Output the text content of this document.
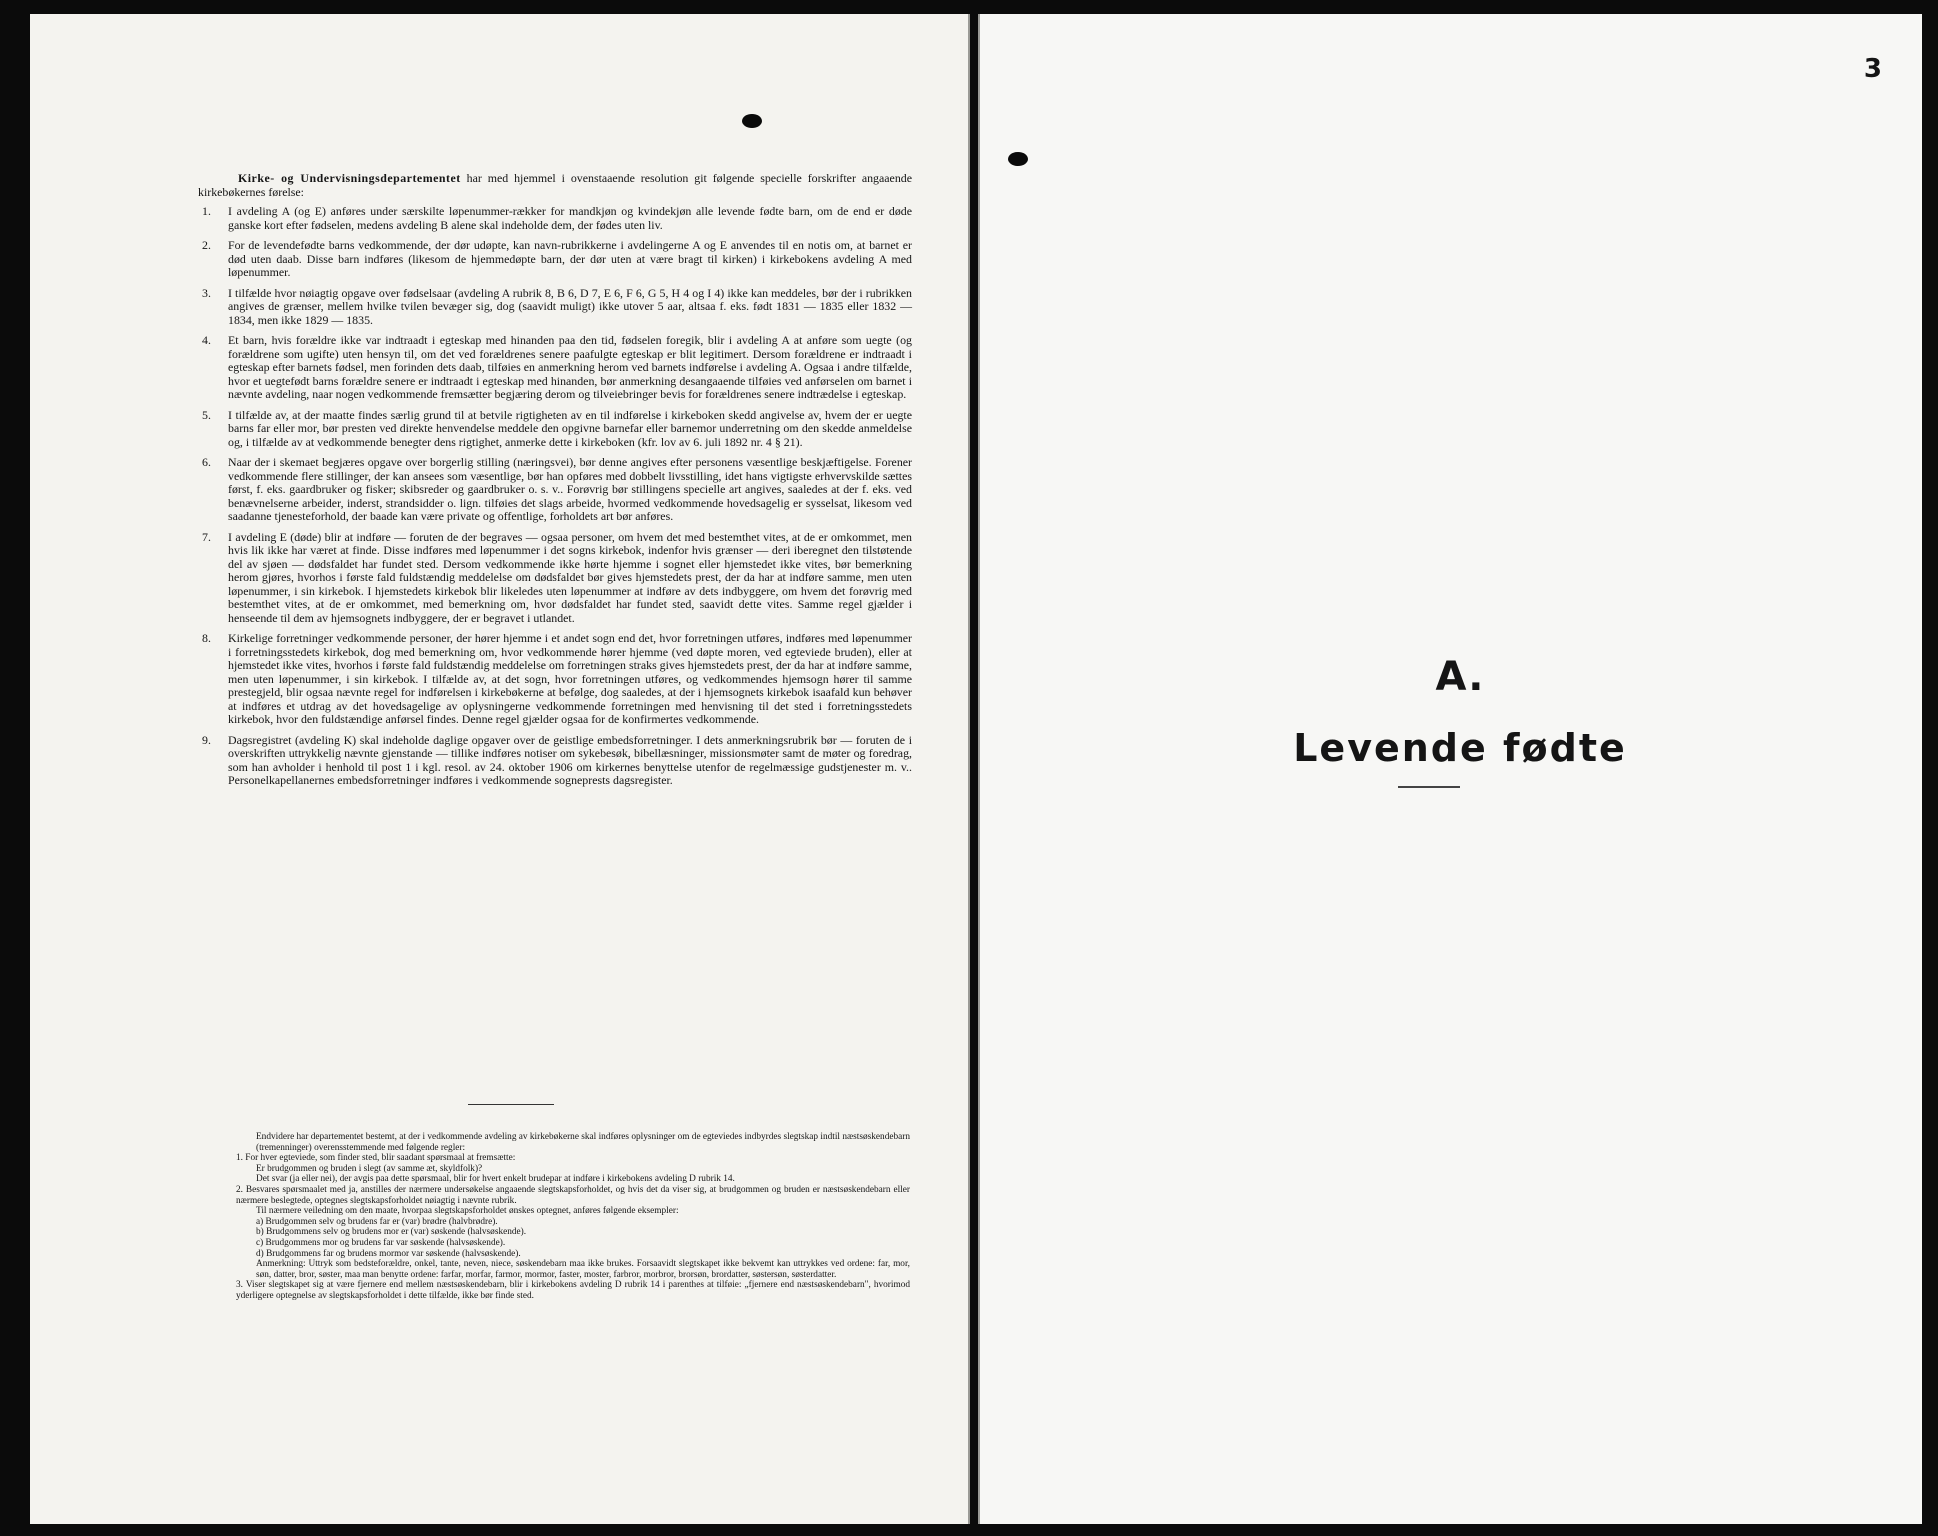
Kirke- og Undervisningsdepartementet har med hjemmel i ovenstaaende resolution git følgende specielle forskrifter angaaende kirkebøkernes førelse:

1.	I avdeling A (og E) anføres under særskilte løpenummer-rækker for mandkjøn og kvindekjøn alle levende fødte barn, om de end er døde ganske kort efter fødselen, medens avdeling B alene skal indeholde dem, der fødes uten liv.
2.	For de levendefødte barns vedkommende, der dør udøpte, kan navn-rubrikkerne i avdelingerne A og E anvendes til en notis om, at barnet er død uten daab. Disse barn indføres (likesom de hjemmedøpte barn, der dør uten at være bragt til kirken) i kirkebokens avdeling A med løpenummer.
3.	I tilfælde hvor nøiagtig opgave over fødselsaar (avdeling A rubrik 8, B 6, D 7, E 6, F 6, G 5, H 4 og I 4) ikke kan meddeles, bør der i rubrikken angives de grænser, mellem hvilke tvilen bevæger sig, dog (saavidt muligt) ikke utover 5 aar, altsaa f. eks. født 1831 — 1835 eller 1832 — 1834, men ikke 1829 — 1835.
4.	Et barn, hvis forældre ikke var indtraadt i egteskap med hinanden paa den tid, fødselen foregik, blir i avdeling A at anføre som uegte (og forældrene som ugifte) uten hensyn til, om det ved forældrenes senere paafulgte egteskap er blit legitimert. Dersom forældrene er indtraadt i egteskap efter barnets fødsel, men forinden dets daab, tilføies en anmerkning herom ved barnets indførelse i avdeling A. Ogsaa i andre tilfælde, hvor et uegtefødt barns forældre senere er indtraadt i egteskap med hinanden, bør anmerkning desangaaende tilføies ved anførselen om barnet i nævnte avdeling, naar nogen vedkommende fremsætter begjæring derom og tilveiebringer bevis for forældrenes senere indtrædelse i egteskap.
5.	I tilfælde av, at der maatte findes særlig grund til at betvile rigtigheten av en til indførelse i kirkeboken skedd angivelse av, hvem der er uegte barns far eller mor, bør presten ved direkte henvendelse meddele den opgivne barnefar eller barnemor underretning om den skedde anmeldelse og, i tilfælde av at vedkommende benegter dens rigtighet, anmerke dette i kirkeboken (kfr. lov av 6. juli 1892 nr. 4 § 21).
6.	Naar der i skemaet begjæres opgave over borgerlig stilling (næringsvei), bør denne angives efter personens væsentlige beskjæftigelse. Forener vedkommende flere stillinger, der kan ansees som væsentlige, bør han opføres med dobbelt livsstilling, idet hans vigtigste erhvervskilde sættes først, f. eks. gaardbruker og fisker; skibsreder og gaardbruker o. s. v.. Forøvrig bør stillingens specielle art angives, saaledes at der f. eks. ved benævnelserne arbeider, inderst, strandsidder o. lign. tilføies det slags arbeide, hvormed vedkommende hovedsagelig er sysselsat, likesom ved saadanne tjenesteforhold, der baade kan være private og offentlige, forholdets art bør anføres.
7.	I avdeling E (døde) blir at indføre — foruten de der begraves — ogsaa personer, om hvem det med bestemthet vites, at de er omkommet, men hvis lik ikke har været at finde. Disse indføres med løpenummer i det sogns kirkebok, indenfor hvis grænser — deri iberegnet den tilstøtende del av sjøen — dødsfaldet har fundet sted. Dersom vedkommende ikke hørte hjemme i sognet eller hjemstedet ikke vites, bør bemerkning herom gjøres, hvorhos i første fald fuldstændig meddelelse om dødsfaldet bør gives hjemstedets prest, der da har at indføre samme, men uten løpenummer, i sin kirkebok. I hjemstedets kirkebok blir likeledes uten løpenummer at indføre av dets indbyggere, om hvem det forøvrig med bestemthet vites, at de er omkommet, med bemerkning om, hvor dødsfaldet har fundet sted, saavidt dette vites. Samme regel gjælder i henseende til dem av hjemsognets indbyggere, der er begravet i utlandet.
8.	Kirkelige forretninger vedkommende personer, der hører hjemme i et andet sogn end det, hvor forretningen utføres, indføres med løpenummer i forretningsstedets kirkebok, dog med bemerkning om, hvor vedkommende hører hjemme (ved døpte moren, ved egteviede bruden), eller at hjemstedet ikke vites, hvorhos i første fald fuldstændig meddelelse om forretningen straks gives hjemstedets prest, der da har at indføre samme, men uten løpenummer, i sin kirkebok. I tilfælde av, at det sogn, hvor forretningen utføres, og vedkommendes hjemsogn hører til samme prestegjeld, blir ogsaa nævnte regel for indførelsen i kirkebøkerne at befølge, dog saaledes, at der i hjemsognets kirkebok isaafald kun behøver at indføres et utdrag av det hovedsagelige av oplysningerne vedkommende forretningen med henvisning til det sted i forretningsstedets kirkebok, hvor den fuldstændige anførsel findes. Denne regel gjælder ogsaa for de konfirmertes vedkommende.
9.	Dagsregistret (avdeling K) skal indeholde daglige opgaver over de geistlige embedsforretninger. I dets anmerkningsrubrik bør — foruten de i overskriften uttrykkelig nævnte gjenstande — tillike indføres notiser om sykebesøk, bibellæsninger, missionsmøter samt de møter og foredrag, som han avholder i henhold til post 1 i kgl. resol. av 24. oktober 1906 om kirkernes benyttelse utenfor de regelmæssige gudstjenester m. v.. Personelkapellanernes embedsforretninger indføres i vedkommende sogneprests dagsregister.

Endvidere har departementet bestemt, at der i vedkommende avdeling av kirkebøkerne skal indføres oplysninger om de egteviedes indbyrdes slegtskap indtil næstsøskendebarn (tremenninger) overensstemmende med følgende regler:

1. For hver egteviede, som finder sted, blir saadant spørsmaal at fremsætte:

Er brudgommen og bruden i slegt (av samme æt, skyldfolk)?

Det svar (ja eller nei), der avgis paa dette spørsmaal, blir for hvert enkelt brudepar at indføre i kirkebokens avdeling D rubrik 14.

2. Besvares spørsmaalet med ja, anstilles der nærmere undersøkelse angaaende slegtskapsforholdet, og hvis det da viser sig, at brudgommen og bruden er næstsøskendebarn eller nærmere beslegtede, optegnes slegtskapsforholdet nøiagtig i nævnte rubrik.

Til nærmere veiledning om den maate, hvorpaa slegtskapsforholdet ønskes optegnet, anføres følgende eksempler:

a) Brudgommen selv og brudens far er (var) brødre (halvbrødre).

b) Brudgommens selv og brudens mor er (var) søskende (halvsøskende).

c) Brudgommens mor og brudens far var søskende (halvsøskende).

d) Brudgommens far og brudens mormor var søskende (halvsøskende).

Anmerkning: Uttryk som bedsteforældre, onkel, tante, neven, niece, søskendebarn maa ikke brukes. Forsaavidt slegtskapet ikke bekvemt kan uttrykkes ved ordene: far, mor, søn, datter, bror, søster, maa man benytte ordene: farfar, morfar, farmor, mormor, faster, moster, farbror, morbror, brorsøn, brordatter, søstersøn, søsterdatter.

3. Viser slegtskapet sig at være fjernere end mellem næstsøskendebarn, blir i kirkebokens avdeling D rubrik 14 i parenthes at tilføie: „fjernere end næstsøskendebarn", hvorimod yderligere optegnelse av slegtskapsforholdet i dette tilfælde, ikke bør finde sted.

3
A.
Levende fødte
